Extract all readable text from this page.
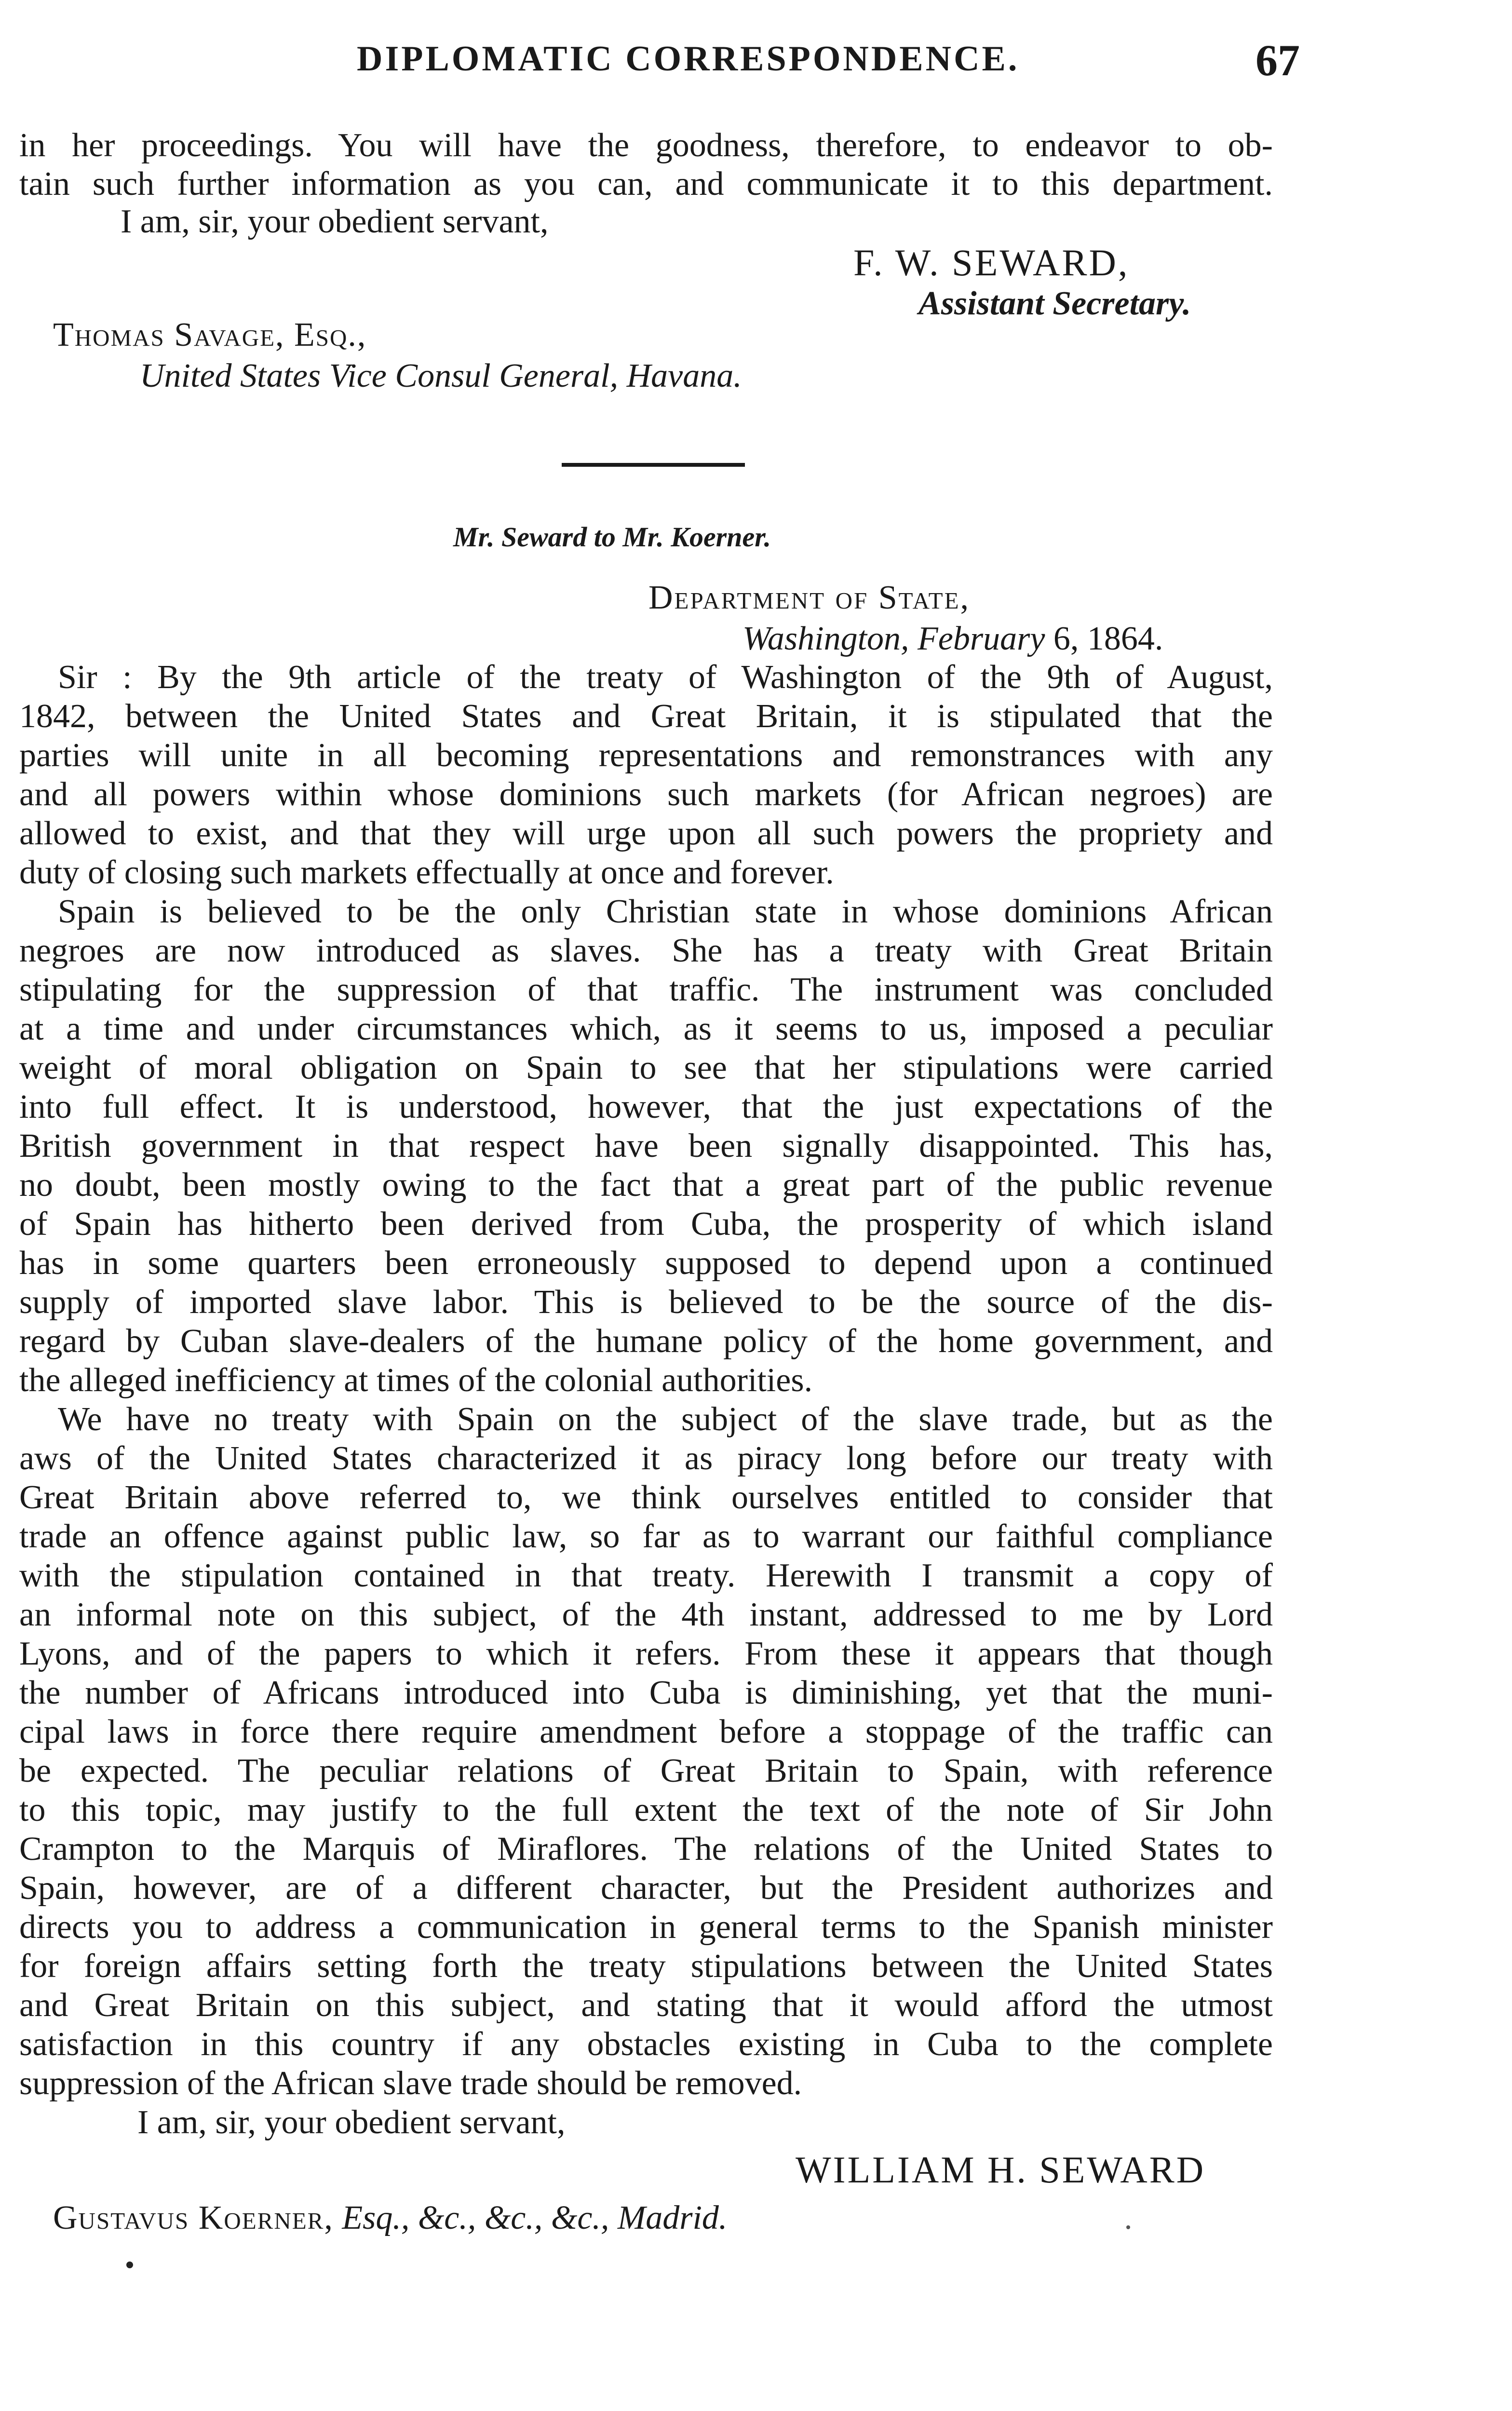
DIPLOMATIC CORRESPONDENCE.	67
in her proceedings. You will have the goodness, therefore, to endeavor to ob-
tain such further information as you can, and communicate it to this department.
I am, sir, your obedient servant,
F. W. SEWARD,
Assistant Secretary.
Thomas Savage, Esq.,
United States Vice Consul General, Havana.
Mr. Seward to Mr. Koerner.
Department of State,
Washington, February 6, 1864.
Sir : By the 9th article of the treaty of Washington of the 9th of August,
1842, between the United States and Great Britain, it is stipulated that the
parties will unite in all becoming representations and remonstrances with any
and all powers within whose dominions such markets (for African negroes) are
allowed to exist, and that they will urge upon all such powers the propriety and
duty of closing such markets effectually at once and forever.
Spain is believed to be the only Christian state in whose dominions African
negroes are now introduced as slaves. She has a treaty with Great Britain
stipulating for the suppression of that traffic. The instrument was concluded
at a time and under circumstances which, as it seems to us, imposed a peculiar
weight of moral obligation on Spain to see that her stipulations were carried
into full effect. It is understood, however, that the just expectations of the
British government in that respect have been signally disappointed. This has,
no doubt, been mostly owing to the fact that a great part of the public revenue
of Spain has hitherto been derived from Cuba, the prosperity of which island
has in some quarters been erroneously supposed to depend upon a continued
supply of imported slave labor. This is believed to be the source of the dis-
regard by Cuban slave-dealers of the humane policy of the home government, and
the alleged inefficiency at times of the colonial authorities.
We have no treaty with Spain on the subject of the slave trade, but as the
aws of the United States characterized it as piracy long before our treaty with
Great Britain above referred to, we think ourselves entitled to consider that
trade an offence against public law, so far as to warrant our faithful compliance
with the stipulation contained in that treaty. Herewith I transmit a copy of
an informal note on this subject, of the 4th instant, addressed to me by Lord
Lyons, and of the papers to which it refers. From these it appears that though
the number of Africans introduced into Cuba is diminishing, yet that the muni-
cipal laws in force there require amendment before a stoppage of the traffic can
be expected. The peculiar relations of Great Britain to Spain, with reference
to this topic, may justify to the full extent the text of the note of Sir John
Crampton to the Marquis of Miraflores. The relations of the United States to
Spain, however, are of a different character, but the President authorizes and
directs you to address a communication in general terms to the Spanish minister
for foreign affairs setting forth the treaty stipulations between the United States
and Great Britain on this subject, and stating that it would afford the utmost
satisfaction in this country if any obstacles existing in Cuba to the complete
suppression of the African slave trade should be removed.
I am, sir, your obedient servant,
WILLIAM H. SEWARD
Gustavus Koerner, Esq., &c., &c., &c., Madrid.
